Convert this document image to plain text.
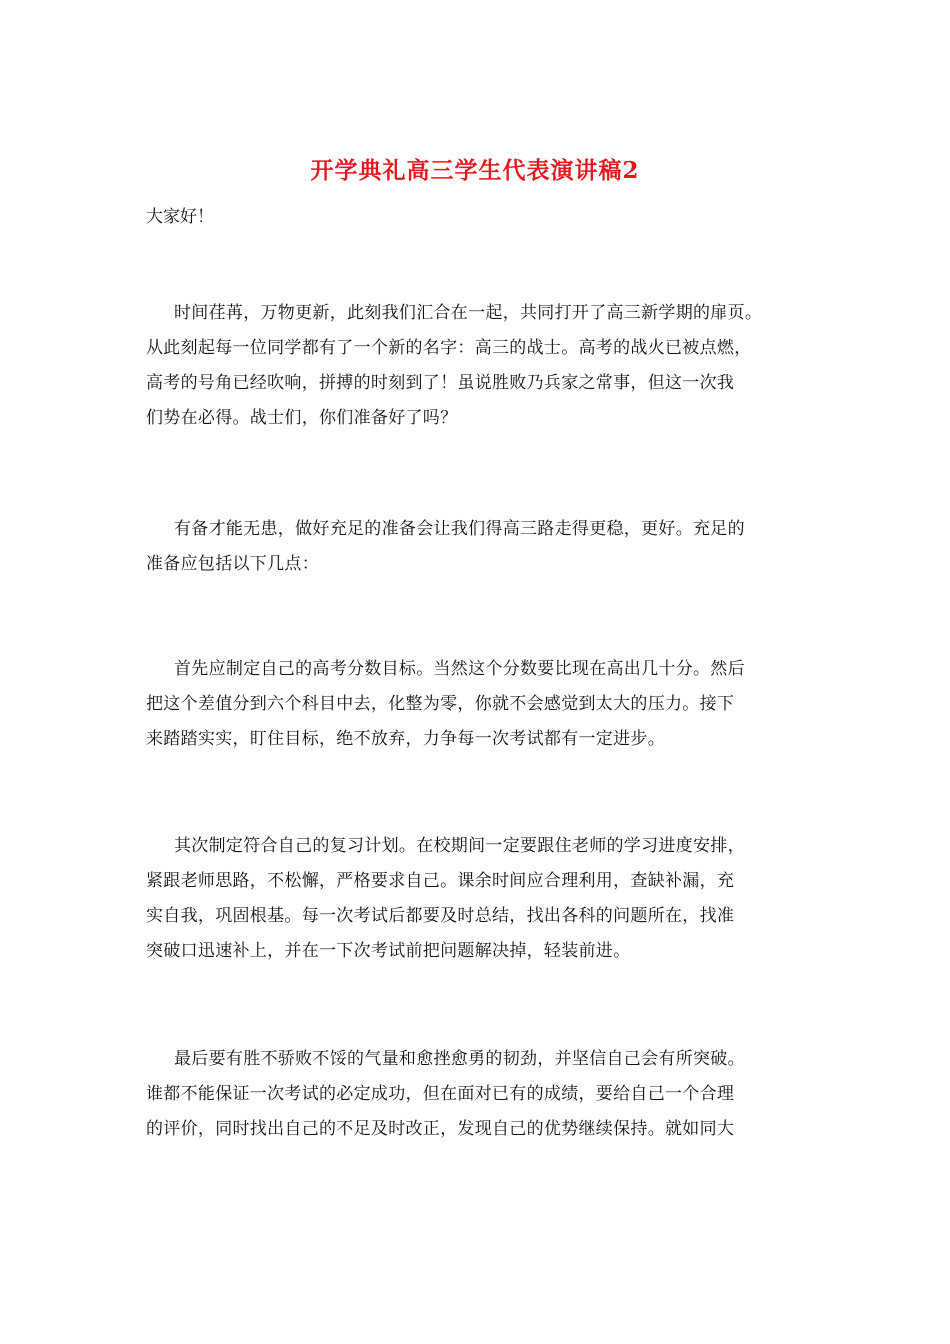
开学典礼高三学生代表演讲稿2

大家好！

时间荏苒，万物更新，此刻我们汇合在一起，共同打开了高三新学期的扉页。
从此刻起每一位同学都有了一个新的名字：高三的战士。高考的战火已被点燃，
高考的号角已经吹响，拼搏的时刻到了！虽说胜败乃兵家之常事，但这一次我
们势在必得。战士们，你们准备好了吗？
有备才能无患，做好充足的准备会让我们得高三路走得更稳，更好。充足的
准备应包括以下几点：
首先应制定自己的高考分数目标。当然这个分数要比现在高出几十分。然后
把这个差值分到六个科目中去，化整为零，你就不会感觉到太大的压力。接下
来踏踏实实，盯住目标，绝不放弃，力争每一次考试都有一定进步。
其次制定符合自己的复习计划。在校期间一定要跟住老师的学习进度安排，
紧跟老师思路，不松懈，严格要求自己。课余时间应合理利用，查缺补漏，充
实自我，巩固根基。每一次考试后都要及时总结，找出各科的问题所在，找准
突破口迅速补上，并在一下次考试前把问题解决掉，轻装前进。
最后要有胜不骄败不馁的气量和愈挫愈勇的韧劲，并坚信自己会有所突破。
谁都不能保证一次考试的必定成功，但在面对已有的成绩，要给自己一个合理
的评价，同时找出自己的不足及时改正，发现自己的优势继续保持。就如同大
